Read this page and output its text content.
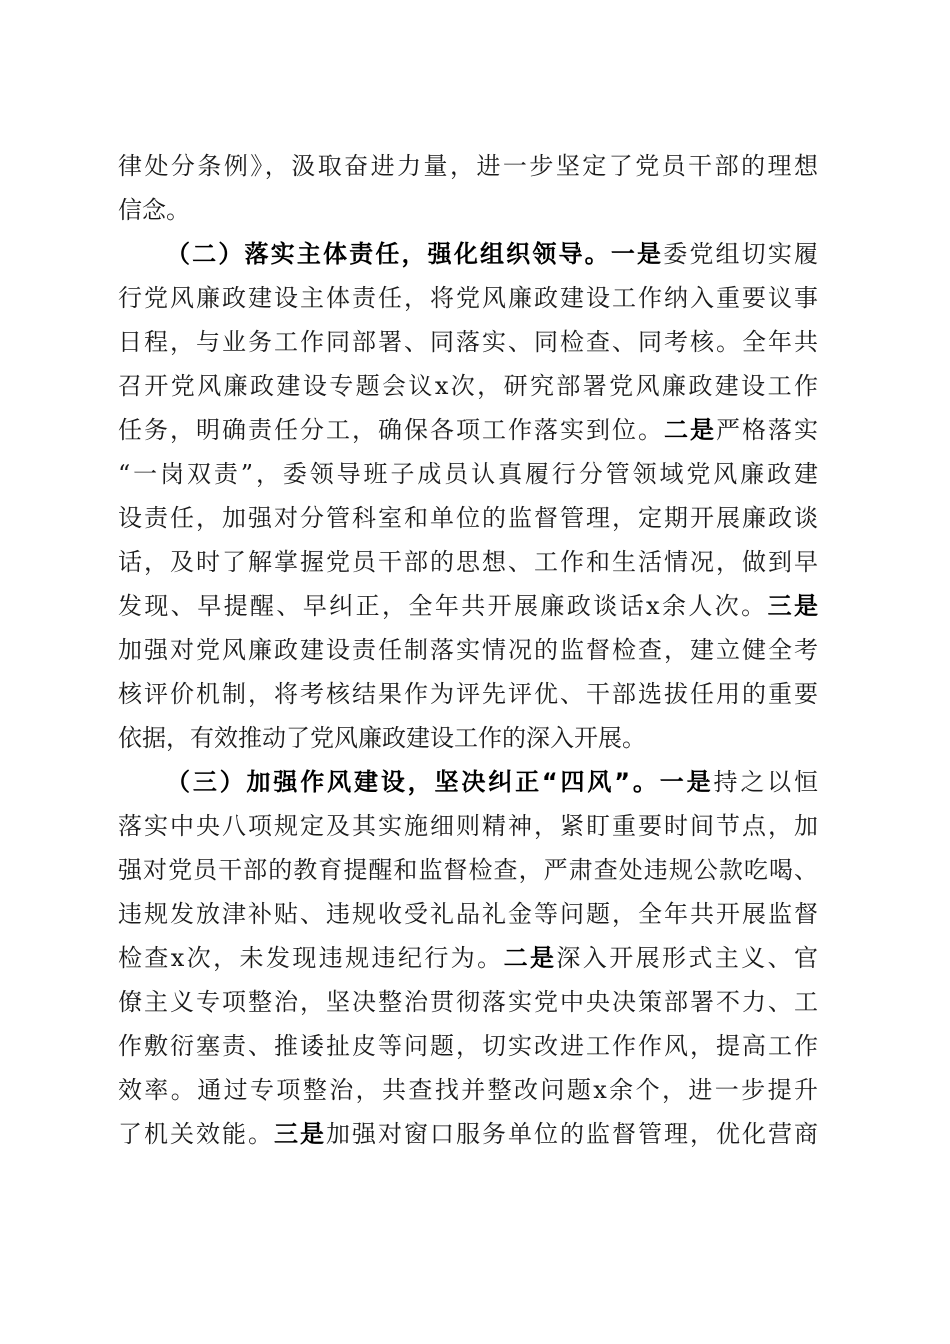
律处分条例》，汲取奋进力量，进一步坚定了党员干部的理想
信念。
（二）落实主体责任，强化组织领导。一是委党组切实履
行党风廉政建设主体责任，将党风廉政建设工作纳入重要议事
日程，与业务工作同部署、同落实、同检查、同考核。全年共
召开党风廉政建设专题会议x次，研究部署党风廉政建设工作
任务，明确责任分工，确保各项工作落实到位。二是严格落实
“一岗双责”，委领导班子成员认真履行分管领域党风廉政建
设责任，加强对分管科室和单位的监督管理，定期开展廉政谈
话，及时了解掌握党员干部的思想、工作和生活情况，做到早
发现、早提醒、早纠正，全年共开展廉政谈话x余人次。三是
加强对党风廉政建设责任制落实情况的监督检查，建立健全考
核评价机制，将考核结果作为评先评优、干部选拔任用的重要
依据，有效推动了党风廉政建设工作的深入开展。
（三）加强作风建设，坚决纠正“四风”。一是持之以恒
落实中央八项规定及其实施细则精神，紧盯重要时间节点，加
强对党员干部的教育提醒和监督检查，严肃查处违规公款吃喝、
违规发放津补贴、违规收受礼品礼金等问题，全年共开展监督
检查x次，未发现违规违纪行为。二是深入开展形式主义、官
僚主义专项整治，坚决整治贯彻落实党中央决策部署不力、工
作敷衍塞责、推诿扯皮等问题，切实改进工作作风，提高工作
效率。通过专项整治，共查找并整改问题x余个，进一步提升
了机关效能。三是加强对窗口服务单位的监督管理，优化营商
